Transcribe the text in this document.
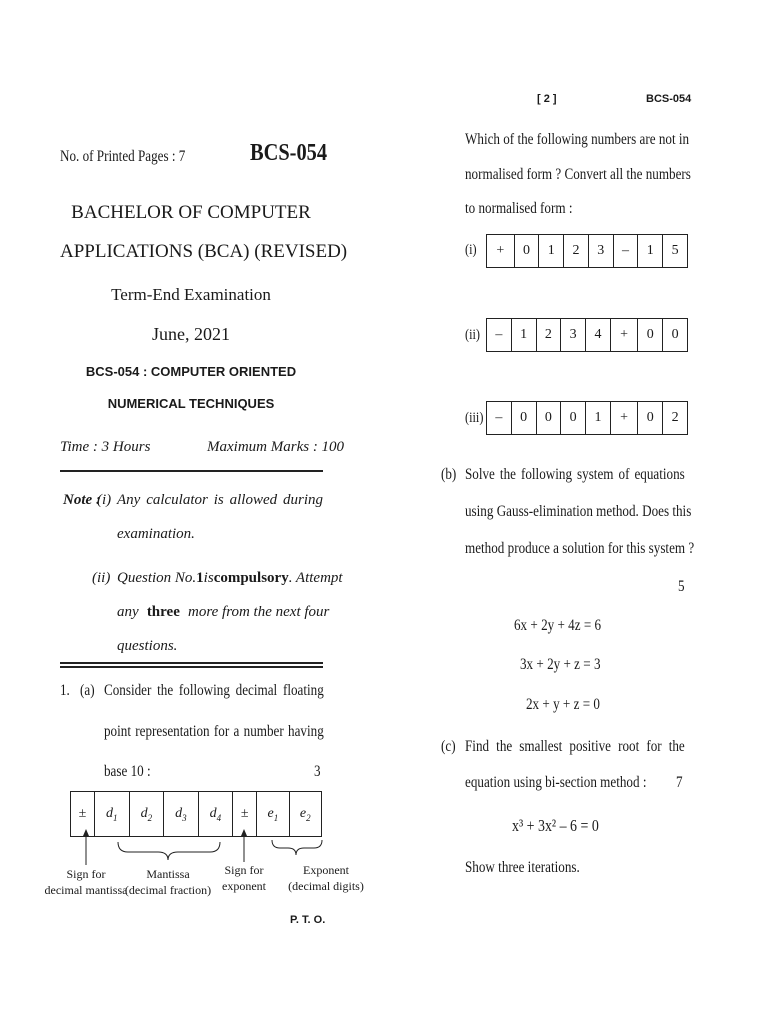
No. of Printed Pages : 7	BCS-054
BACHELOR OF COMPUTER
APPLICATIONS (BCA) (REVISED)
Term-End Examination
June, 2021
BCS-054 : COMPUTER ORIENTED
NUMERICAL TECHNIQUES
Time : 3 Hours	Maximum Marks : 100
Note :
(i) Any calculator is allowed during
examination.
(ii) Question No. 1 is compulsory. Attempt
any three more from the next four
questions.
1. (a) Consider the following decimal floating
point representation for a number having
base 10 :	3
±	$d_1$	$d_2$	$d_3$	$d_4$	±	$e_1$	$e_2$
Sign for
decimal mantissa
Mantissa
(decimal fraction)
Sign for
exponent
Exponent
(decimal digits)
P. T. O.
[ 2 ]	BCS-054
Which of the following numbers are not in
normalised form ? Convert all the numbers
to normalised form :
(i) +	0	1	2	3	–	1	5
(ii) –	1	2	3	4	+	0	0
(iii) –	0	0	0	1	+	0	2
(b) Solve the following system of equations
using Gauss-elimination method. Does this
method produce a solution for this system ?
5
6x + 2y + 4z = 6
3x + 2y + z = 3
2x + y + z = 0
(c) Find the smallest positive root for the
equation using bi-section method : 7
x³ + 3x² – 6 = 0
Show three iterations.
